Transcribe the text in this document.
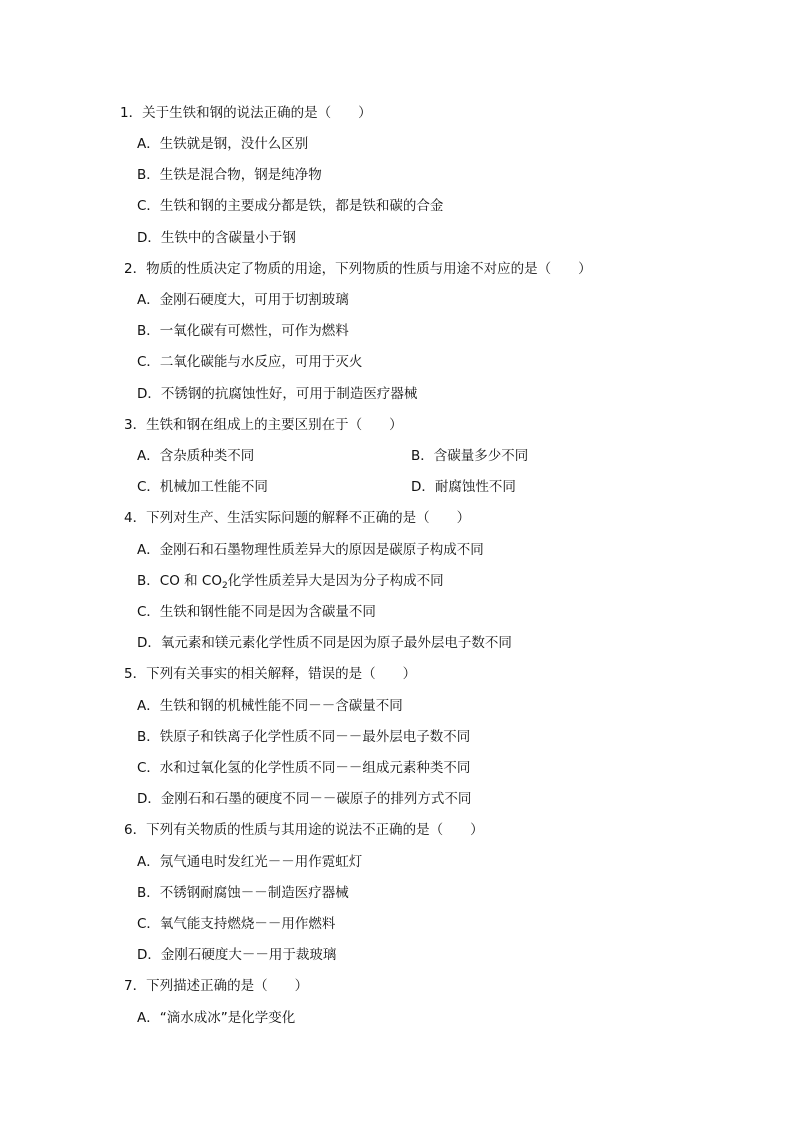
1．关于生铁和钢的说法正确的是（　　）
A．生铁就是钢，没什么区别
B．生铁是混合物，钢是纯净物
C．生铁和钢的主要成分都是铁，都是铁和碳的合金
D．生铁中的含碳量小于钢
2．物质的性质决定了物质的用途，下列物质的性质与用途不对应的是（　　）
A．金刚石硬度大，可用于切割玻璃
B．一氧化碳有可燃性，可作为燃料
C．二氧化碳能与水反应，可用于灭火
D．不锈钢的抗腐蚀性好，可用于制造医疗器械
3．生铁和钢在组成上的主要区别在于（　　）
A．含杂质种类不同	B．含碳量多少不同
C．机械加工性能不同	D．耐腐蚀性不同
4．下列对生产、生活实际问题的解释不正确的是（　　）
A．金刚石和石墨物理性质差异大的原因是碳原子构成不同
B．CO 和 $CO_2$化学性质差异大是因为分子构成不同
C．生铁和钢性能不同是因为含碳量不同
D．氧元素和镁元素化学性质不同是因为原子最外层电子数不同
5．下列有关事实的相关解释，错误的是（　　）
A．生铁和钢的机械性能不同－－含碳量不同
B．铁原子和铁离子化学性质不同－－最外层电子数不同
C．水和过氧化氢的化学性质不同－－组成元素种类不同
D．金刚石和石墨的硬度不同－－碳原子的排列方式不同
6．下列有关物质的性质与其用途的说法不正确的是（　　）
A．氖气通电时发红光－－用作霓虹灯
B．不锈钢耐腐蚀－－制造医疗器械
C．氧气能支持燃烧－－用作燃料
D．金刚石硬度大－－用于裁玻璃
7．下列描述正确的是（　　）
A．“滴水成冰”是化学变化
